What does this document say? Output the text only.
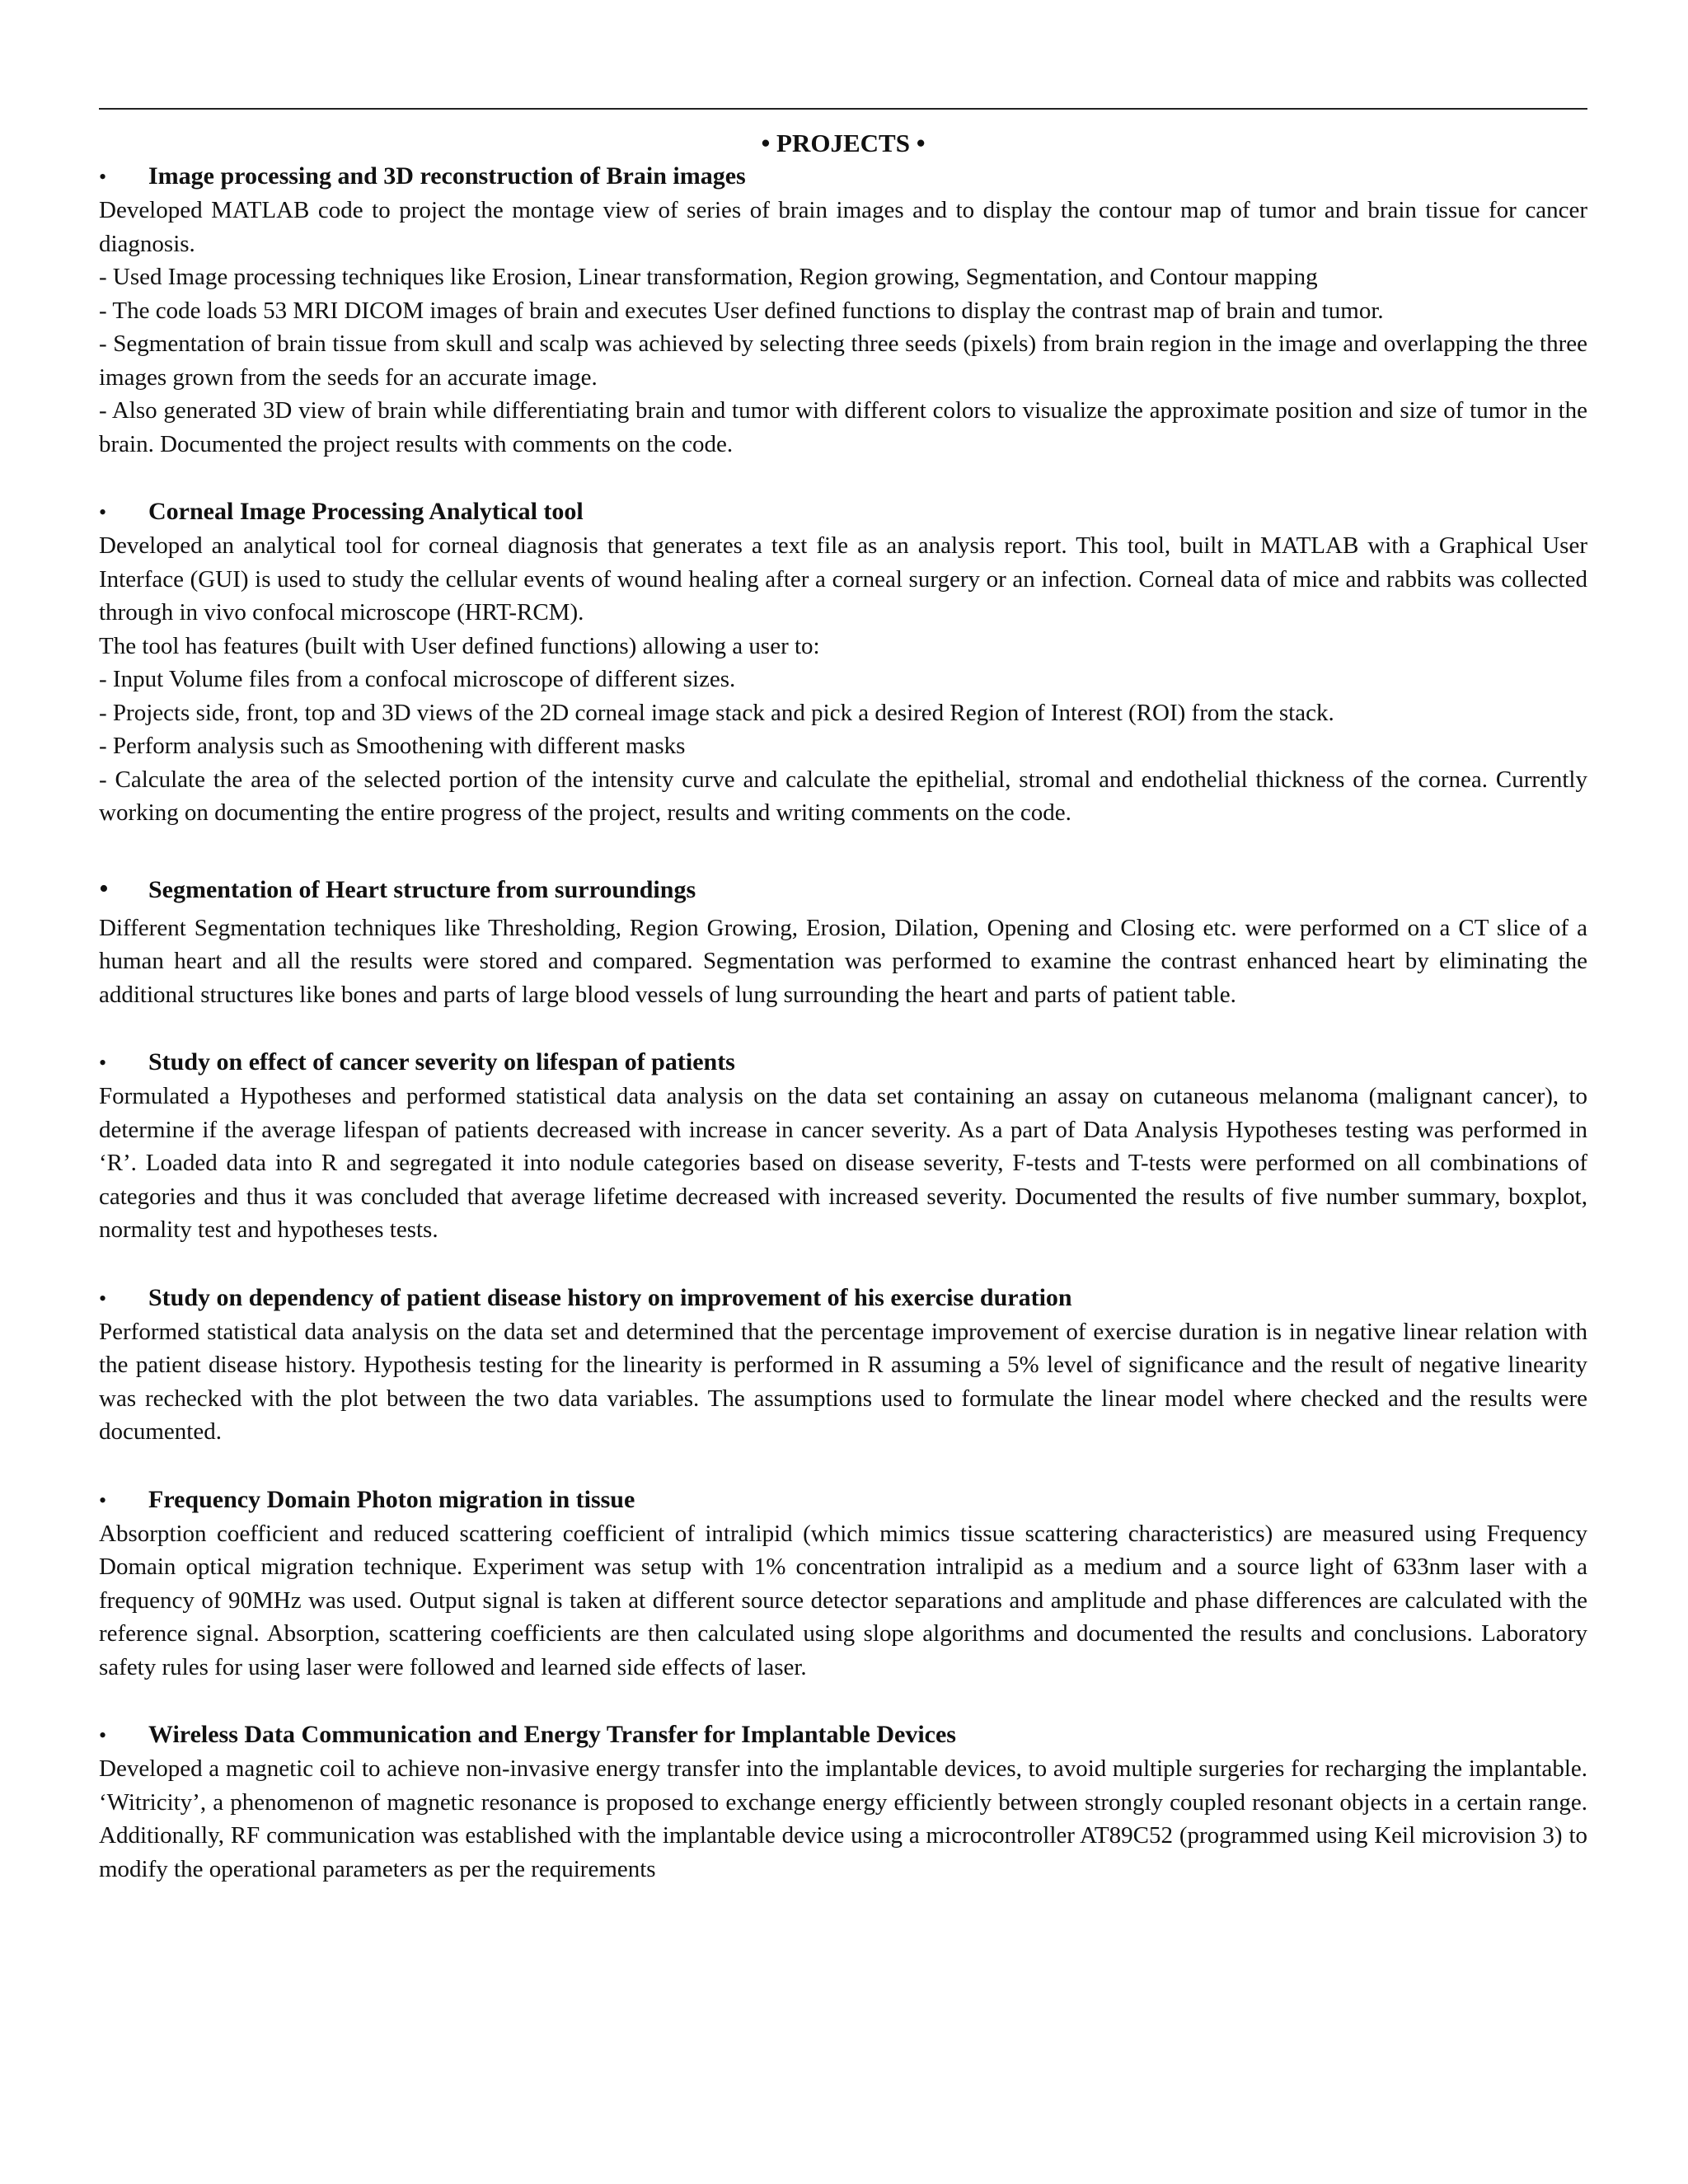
• PROJECTS •
•	Image processing and 3D reconstruction of Brain images

Developed MATLAB code to project the montage view of series of brain images and to display the contour map of tumor and brain tissue for cancer diagnosis.

- Used Image processing techniques like Erosion, Linear transformation, Region growing, Segmentation, and Contour mapping

- The code loads 53 MRI DICOM images of brain and executes User defined functions to display the contrast map of brain and tumor.

- Segmentation of brain tissue from skull and scalp was achieved by selecting three seeds (pixels) from brain region in the image and overlapping the three images grown from the seeds for an accurate image.

- Also generated 3D view of brain while differentiating brain and tumor with different colors to visualize the approximate position and size of tumor in the brain. Documented the project results with comments on the code.

•	Corneal Image Processing Analytical tool

Developed an analytical tool for corneal diagnosis that generates a text file as an analysis report. This tool, built in MATLAB with a Graphical User Interface (GUI) is used to study the cellular events of wound healing after a corneal surgery or an infection. Corneal data of mice and rabbits was collected through in vivo confocal microscope (HRT-RCM).

The tool has features (built with User defined functions) allowing a user to:

- Input Volume files from a confocal microscope of different sizes.

- Projects side, front, top and 3D views of the 2D corneal image stack and pick a desired Region of Interest (ROI) from the stack.

- Perform analysis such as Smoothening with different masks

- Calculate the area of the selected portion of the intensity curve and calculate the epithelial, stromal and endothelial thickness of the cornea. Currently working on documenting the entire progress of the project, results and writing comments on the code.

•	Segmentation of Heart structure from surroundings

Different Segmentation techniques like Thresholding, Region Growing, Erosion, Dilation, Opening and Closing etc. were performed on a CT slice of a human heart and all the results were stored and compared. Segmentation was performed to examine the contrast enhanced heart by eliminating the additional structures like bones and parts of large blood vessels of lung surrounding the heart and parts of patient table.

•	Study on effect of cancer severity on lifespan of patients

Formulated a Hypotheses and performed statistical data analysis on the data set containing an assay on cutaneous melanoma (malignant cancer), to determine if the average lifespan of patients decreased with increase in cancer severity. As a part of Data Analysis Hypotheses testing was performed in ‘R’. Loaded data into R and segregated it into nodule categories based on disease severity, F-tests and T-tests were performed on all combinations of categories and thus it was concluded that average lifetime decreased with increased severity. Documented the results of five number summary, boxplot, normality test and hypotheses tests.

•	Study on dependency of patient disease history on improvement of his exercise duration

Performed statistical data analysis on the data set and determined that the percentage improvement of exercise duration is in negative linear relation with the patient disease history. Hypothesis testing for the linearity is performed in R assuming a 5% level of significance and the result of negative linearity was rechecked with the plot between the two data variables. The assumptions used to formulate the linear model where checked and the results were documented.

•	Frequency Domain Photon migration in tissue

Absorption coefficient and reduced scattering coefficient of intralipid (which mimics tissue scattering characteristics) are measured using Frequency Domain optical migration technique. Experiment was setup with 1% concentration intralipid as a medium and a source light of 633nm laser with a frequency of 90MHz was used. Output signal is taken at different source detector separations and amplitude and phase differences are calculated with the reference signal. Absorption, scattering coefficients are then calculated using slope algorithms and documented the results and conclusions. Laboratory safety rules for using laser were followed and learned side effects of laser.

•	Wireless Data Communication and Energy Transfer for Implantable Devices

Developed a magnetic coil to achieve non-invasive energy transfer into the implantable devices, to avoid multiple surgeries for recharging the implantable. ‘Witricity’, a phenomenon of magnetic resonance is proposed to exchange energy efficiently between strongly coupled resonant objects in a certain range. Additionally, RF communication was established with the implantable device using a microcontroller AT89C52 (programmed using Keil microvision 3) to modify the operational parameters as per the requirements
